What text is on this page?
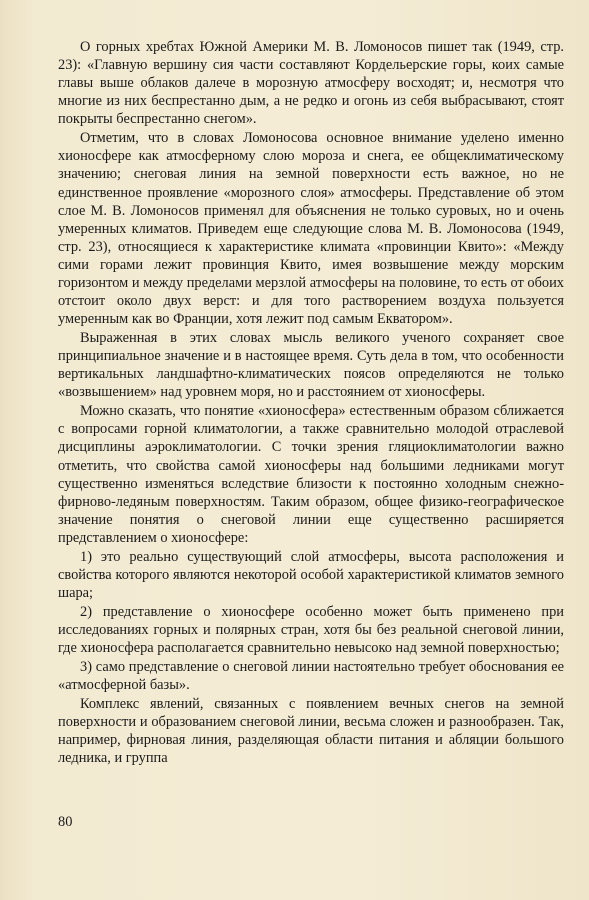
О горных хребтах Южной Америки М. В. Ломоносов пишет так (1949, стр. 23): «Главную вершину сия части составляют Кордельерские горы, коих самые главы выше облаков далече в морозную атмосферу восходят; и, несмотря что многие из них беспрестанно дым, а не редко и огонь из себя выбрасывают, стоят покрыты беспрестанно снегом».

Отметим, что в словах Ломоносова основное внимание уделено именно хионосфере как атмосферному слою мороза и снега, ее общеклиматическому значению; снеговая линия на земной поверхности есть важное, но не единственное проявление «морозного слоя» атмосферы. Представление об этом слое М. В. Ломоносов применял для объяснения не только суровых, но и очень умеренных климатов. Приведем еще следующие слова М. В. Ломоносова (1949, стр. 23), относящиеся к характеристике климата «провинции Квито»: «Между сими горами лежит провинция Квито, имея возвышение между морским горизонтом и между пределами мерзлой атмосферы на половине, то есть от обоих отстоит около двух верст: и для того растворением воздуха пользуется умеренным как во Франции, хотя лежит под самым Екватором».

Выраженная в этих словах мысль великого ученого сохраняет свое принципиальное значение и в настоящее время. Суть дела в том, что особенности вертикальных ландшафтно-климатических поясов определяются не только «возвышением» над уровнем моря, но и расстоянием от хионосферы.

Можно сказать, что понятие «хионосфера» естественным образом сближается с вопросами горной климатологии, а также сравнительно молодой отраслевой дисциплины аэроклиматологии. С точки зрения гляциоклиматологии важно отметить, что свойства самой хионосферы над большими ледниками могут существенно изменяться вследствие близости к постоянно холодным снежно-фирново-ледяным поверхностям. Таким образом, общее физико-географическое значение понятия о снеговой линии еще существенно расширяется представлением о хионосфере:

1) это реально существующий слой атмосферы, высота расположения и свойства которого являются некоторой особой характеристикой климатов земного шара;

2) представление о хионосфере особенно может быть применено при исследованиях горных и полярных стран, хотя бы без реальной снеговой линии, где хионосфера располагается сравнительно невысоко над земной поверхностью;

3) само представление о снеговой линии настоятельно требует обоснования ее «атмосферной базы».

Комплекс явлений, связанных с появлением вечных снегов на земной поверхности и образованием снеговой линии, весьма сложен и разнообразен. Так, например, фирновая линия, разделяющая области питания и абляции большого ледника, и группа

80
